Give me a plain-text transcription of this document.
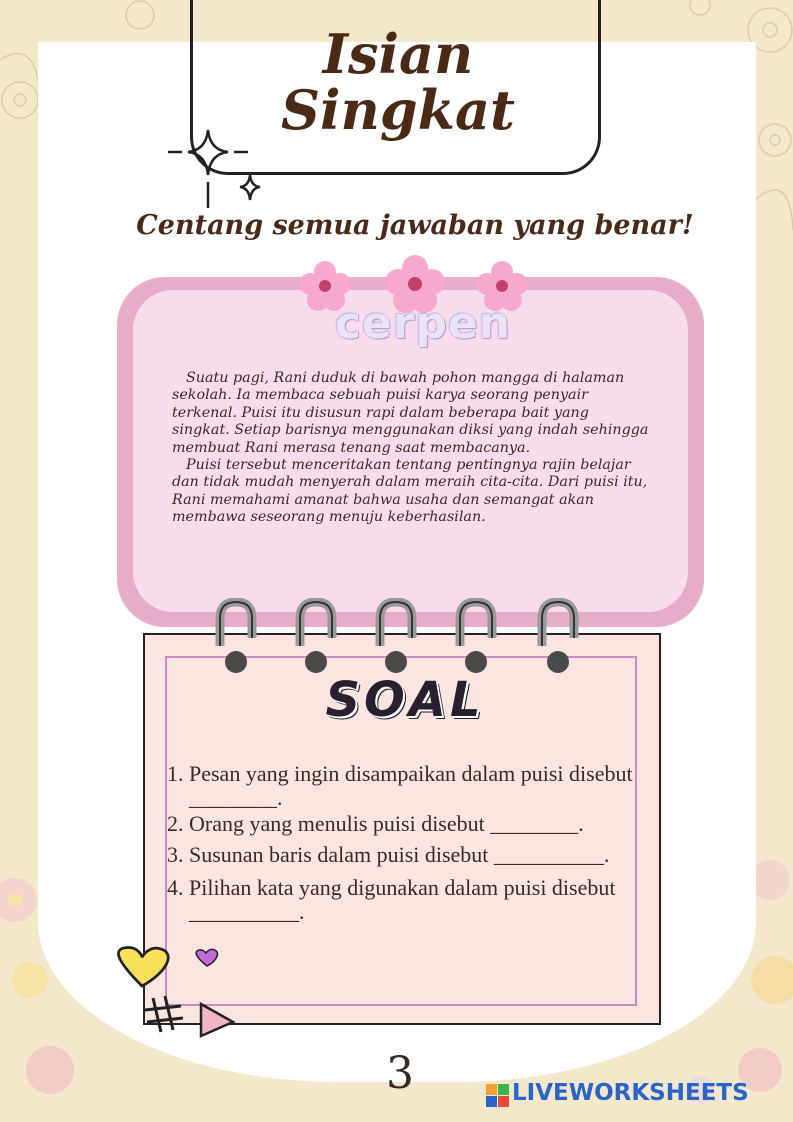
Isian
Singkat
Centang semua jawaban yang benar!
cerpen

Suatu pagi, Rani duduk di bawah pohon mangga di halaman sekolah. Ia membaca sebuah puisi karya seorang penyair terkenal. Puisi itu disusun rapi dalam beberapa bait yang singkat. Setiap barisnya menggunakan diksi yang indah sehingga membuat Rani merasa tenang saat membacanya.

Puisi tersebut menceritakan tentang pentingnya rajin belajar dan tidak mudah menyerah dalam meraih cita-cita. Dari puisi itu, Rani memahami amanat bahwa usaha dan semangat akan membawa seseorang menuju keberhasilan.

SOAL
1. Pesan yang ingin disampaikan dalam puisi disebut ________.
2. Orang yang menulis puisi disebut ________.
3. Susunan baris dalam puisi disebut __________.
4. Pilihan kata yang digunakan dalam puisi disebut __________.
3	LIVEWORKSHEETS
